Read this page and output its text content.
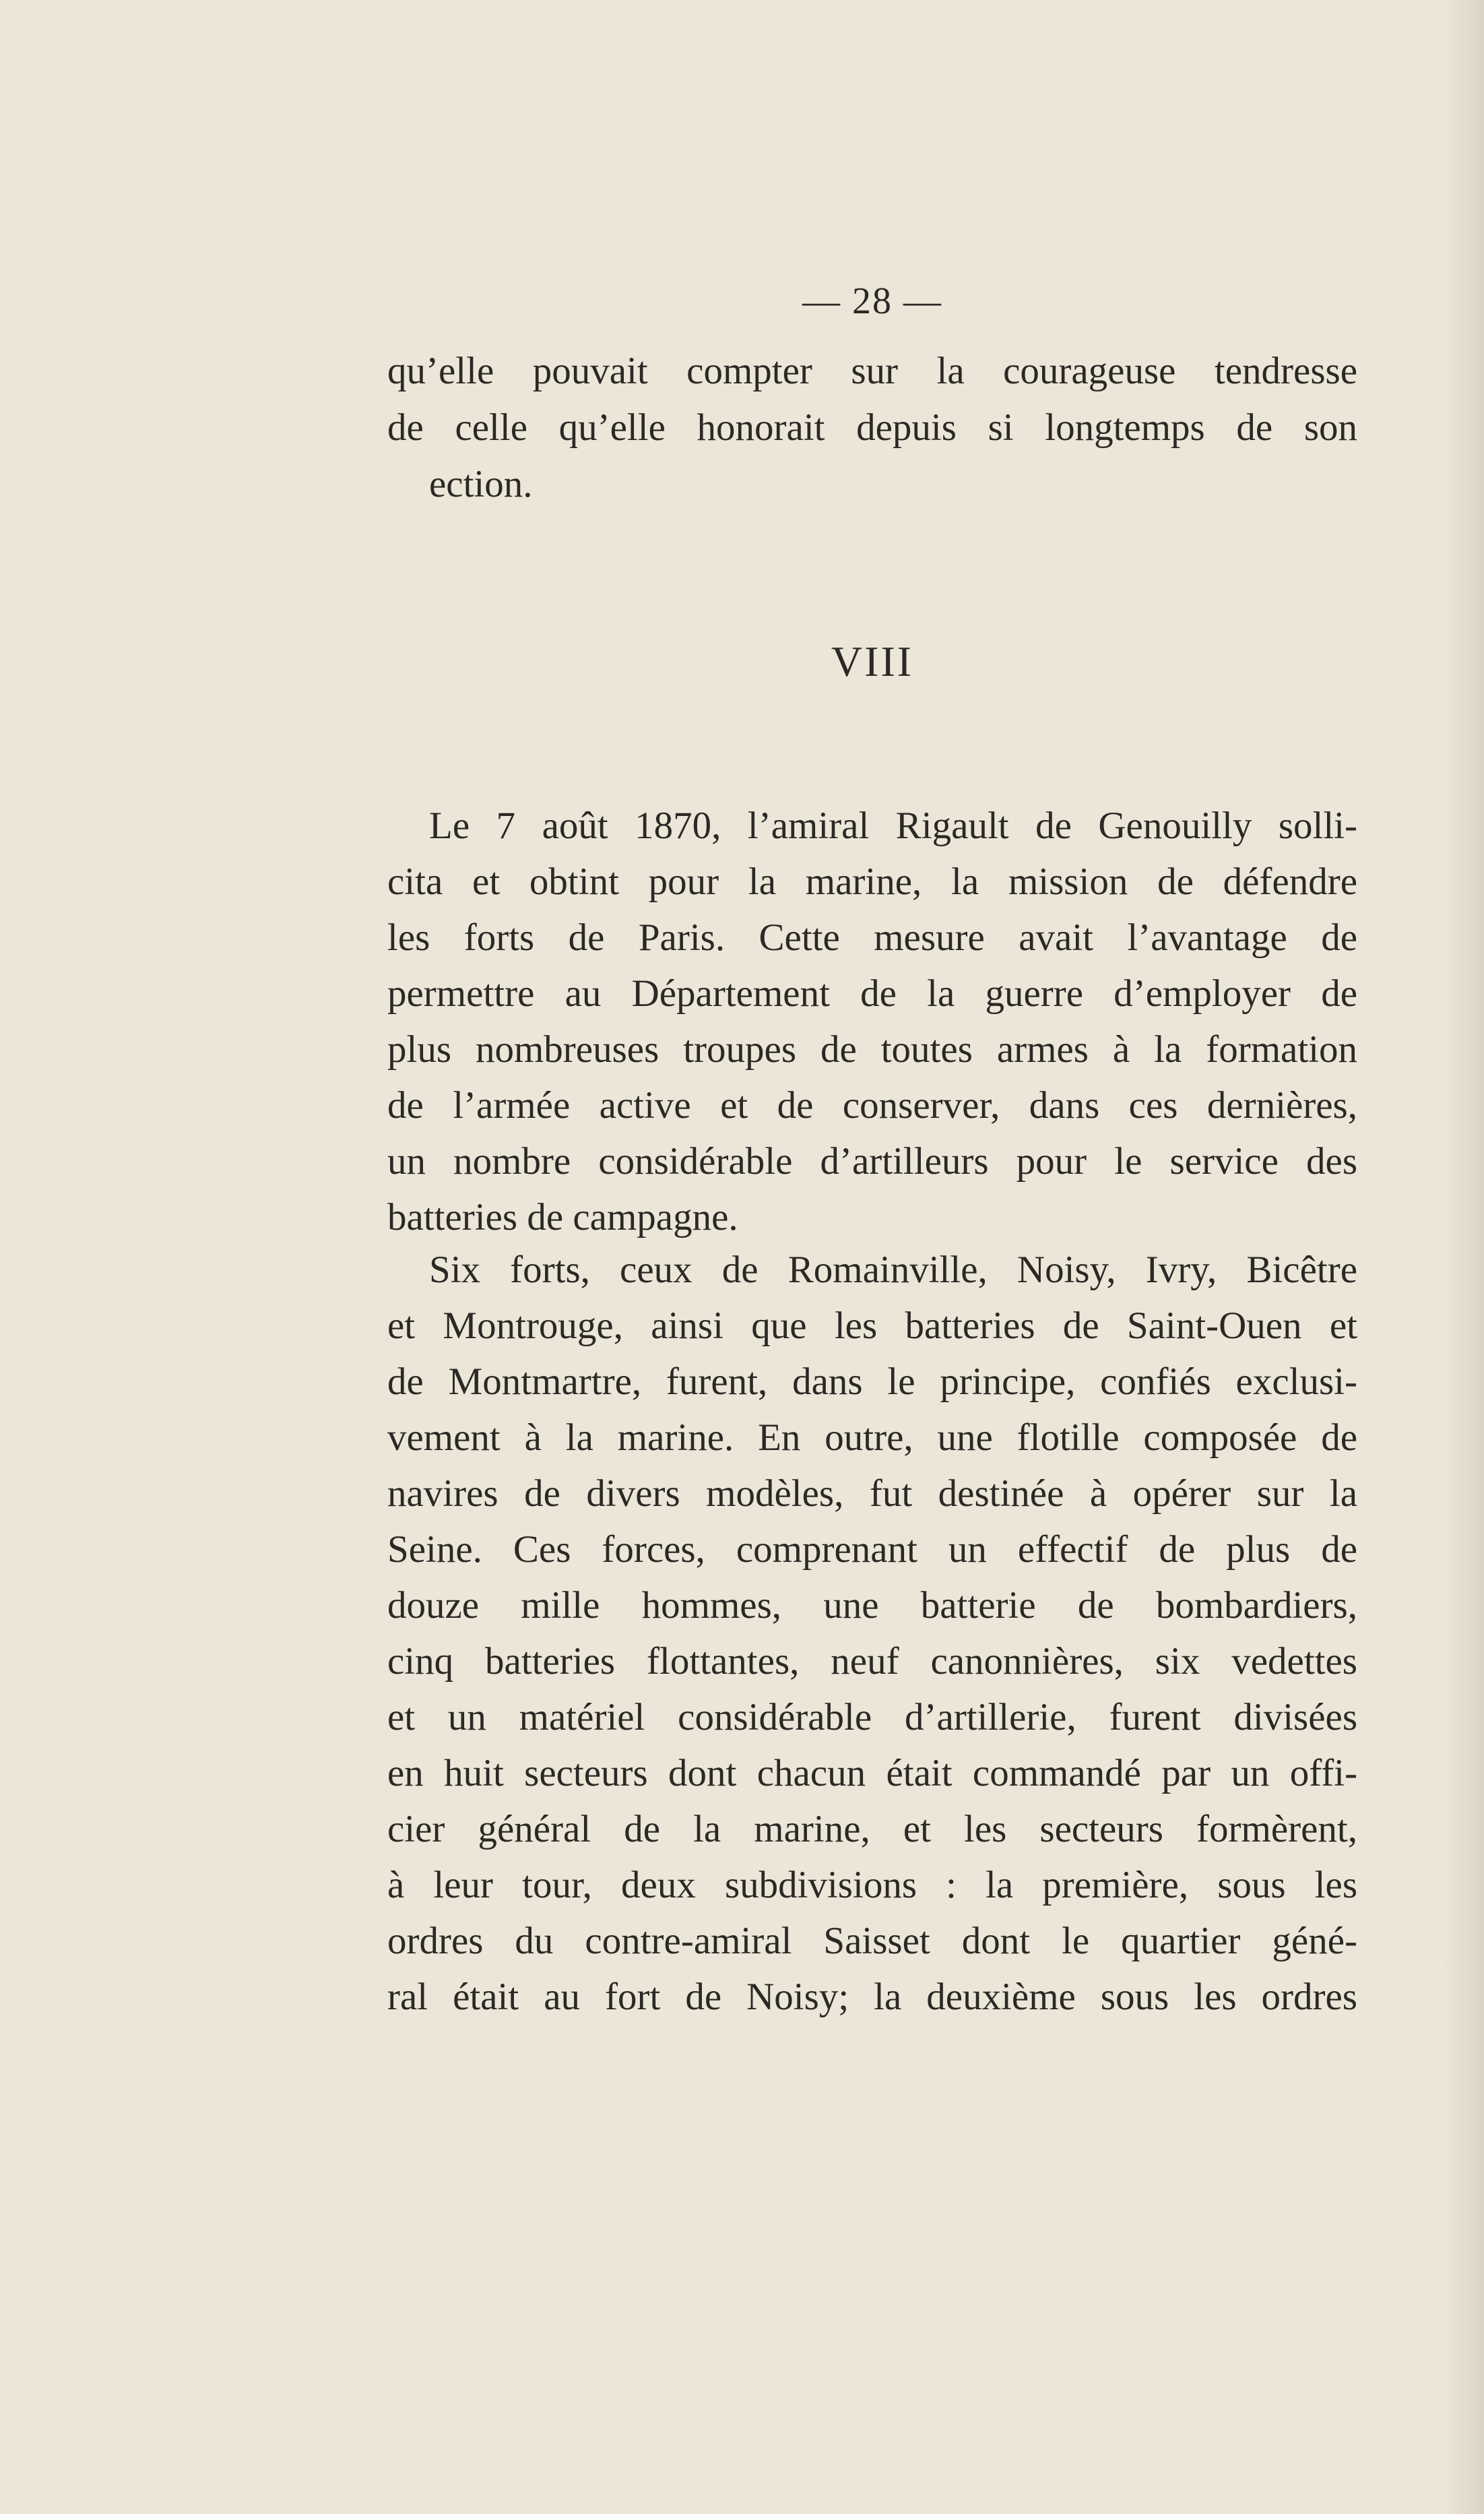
— 28 —
qu’elle pouvait compter sur la courageuse tendresse
de celle qu’elle honorait depuis si longtemps de son
ection.
VIII
Le 7 août 1870, l’amiral Rigault de Genouilly solli-
cita et obtint pour la marine, la mission de défendre
les forts de Paris. Cette mesure avait l’avantage de
permettre au Département de la guerre d’employer de
plus nombreuses troupes de toutes armes à la formation
de l’armée active et de conserver, dans ces dernières,
un nombre considérable d’artilleurs pour le service des
batteries de campagne.
Six forts, ceux de Romainville, Noisy, Ivry, Bicêtre
et Montrouge, ainsi que les batteries de Saint-Ouen et
de Montmartre, furent, dans le principe, confiés exclusi-
vement à la marine. En outre, une flotille composée de
navires de divers modèles, fut destinée à opérer sur la
Seine. Ces forces, comprenant un effectif de plus de
douze mille hommes, une batterie de bombardiers,
cinq batteries flottantes, neuf canonnières, six vedettes
et un matériel considérable d’artillerie, furent divisées
en huit secteurs dont chacun était commandé par un offi-
cier général de la marine, et les secteurs formèrent,
à leur tour, deux subdivisions : la première, sous les
ordres du contre-amiral Saisset dont le quartier géné-
ral était au fort de Noisy; la deuxième sous les ordres
